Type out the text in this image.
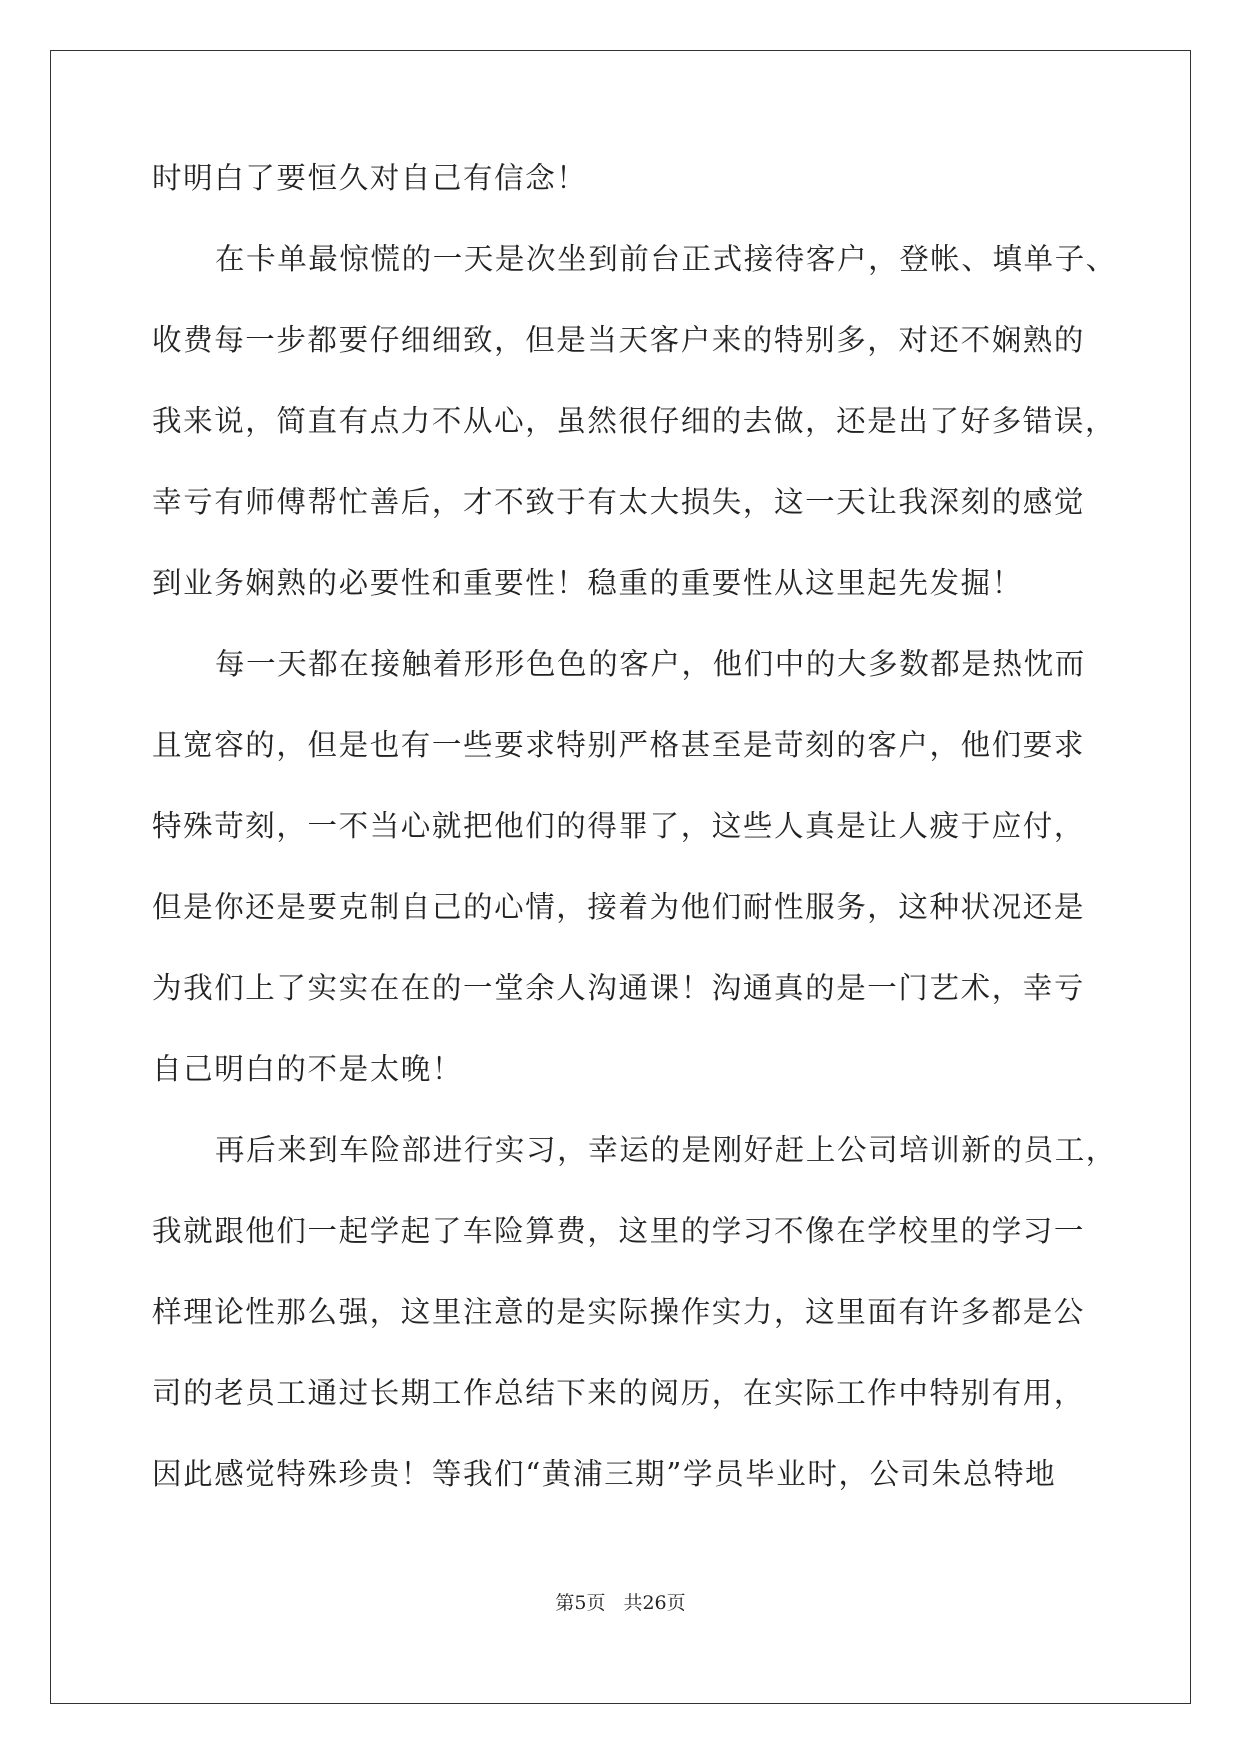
时明白了要恒久对自己有信念！
在卡单最惊慌的一天是次坐到前台正式接待客户，登帐、填单子、
收费每一步都要仔细细致，但是当天客户来的特别多，对还不娴熟的
我来说，简直有点力不从心，虽然很仔细的去做，还是出了好多错误，
幸亏有师傅帮忙善后，才不致于有太大损失，这一天让我深刻的感觉
到业务娴熟的必要性和重要性！稳重的重要性从这里起先发掘！
每一天都在接触着形形色色的客户，他们中的大多数都是热忱而
且宽容的，但是也有一些要求特别严格甚至是苛刻的客户，他们要求
特殊苛刻，一不当心就把他们的得罪了，这些人真是让人疲于应付，
但是你还是要克制自己的心情，接着为他们耐性服务，这种状况还是
为我们上了实实在在的一堂余人沟通课！沟通真的是一门艺术，幸亏
自己明白的不是太晚！
再后来到车险部进行实习，幸运的是刚好赶上公司培训新的员工，
我就跟他们一起学起了车险算费，这里的学习不像在学校里的学习一
样理论性那么强，这里注意的是实际操作实力，这里面有许多都是公
司的老员工通过长期工作总结下来的阅历，在实际工作中特别有用，
因此感觉特殊珍贵！等我们“黄浦三期”学员毕业时，公司朱总特地
第5页 共26页
